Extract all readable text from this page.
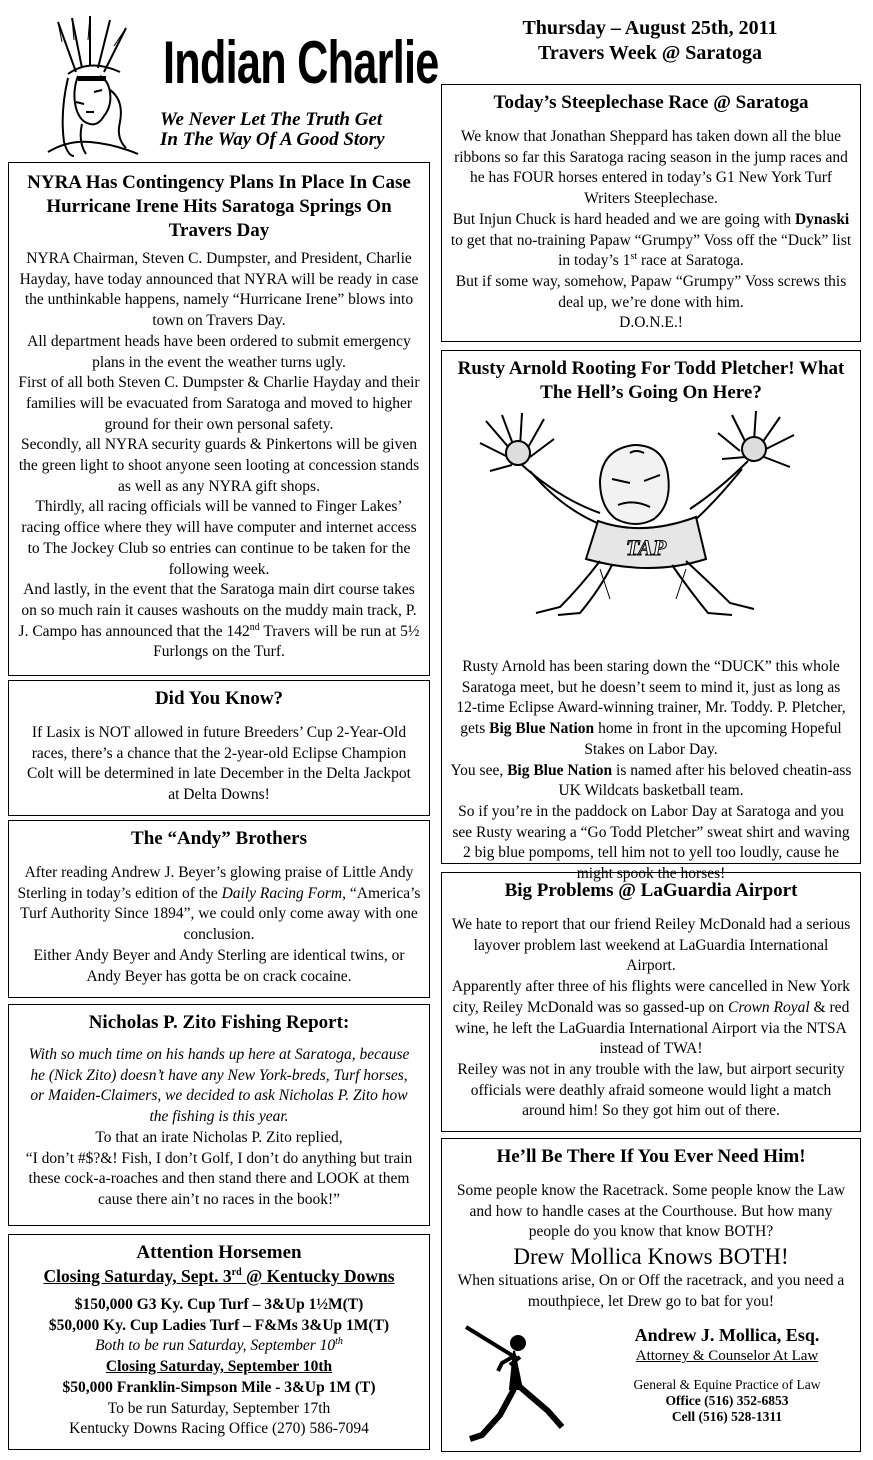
Indian Charlie
We Never Let The Truth Get
In The Way Of A Good Story
Thursday – August 25th, 2011
Travers Week @ Saratoga
NYRA Has Contingency Plans In Place In Case Hurricane Irene Hits Saratoga Springs On Travers Day

NYRA Chairman, Steven C. Dumpster, and President, Charlie Hayday, have today announced that NYRA will be ready in case the unthinkable happens, namely “Hurricane Irene” blows into town on Travers Day.

All department heads have been ordered to submit emergency plans in the event the weather turns ugly.

First of all both Steven C. Dumpster & Charlie Hayday and their families will be evacuated from Saratoga and moved to higher ground for their own personal safety.

Secondly, all NYRA security guards & Pinkertons will be given the green light to shoot anyone seen looting at concession stands as well as any NYRA gift shops.

Thirdly, all racing officials will be vanned to Finger Lakes’ racing office where they will have computer and internet access to The Jockey Club so entries can continue to be taken for the following week.

And lastly, in the event that the Saratoga main dirt course takes on so much rain it causes washouts on the muddy main track, P. J. Campo has announced that the 142nd Travers will be run at 5½ Furlongs on the Turf.

Did You Know?
If Lasix is NOT allowed in future Breeders’ Cup 2-Year-Old races, there’s a chance that the 2-year-old Eclipse Champion Colt will be determined in late December in the Delta Jackpot at Delta Downs!
The “Andy” Brothers

After reading Andrew J. Beyer’s glowing praise of Little Andy Sterling in today’s edition of the Daily Racing Form, “America’s Turf Authority Since 1894”, we could only come away with one conclusion.

Either Andy Beyer and Andy Sterling are identical twins, or Andy Beyer has gotta be on crack cocaine.

Nicholas P. Zito Fishing Report:

With so much time on his hands up here at Saratoga, because he (Nick Zito) doesn’t have any New York-breds, Turf horses, or Maiden-Claimers, we decided to ask Nicholas P. Zito how the fishing is this year.

To that an irate Nicholas P. Zito replied,

“I don’t #$?&! Fish, I don’t Golf, I don’t do anything but train these cock-a-roaches and then stand there and LOOK at them cause there ain’t no races in the book!”

Attention Horsemen
Closing Saturday, Sept. 3rd @ Kentucky Downs

$150,000 G3 Ky. Cup Turf – 3&Up 1½M(T)

$50,000 Ky. Cup Ladies Turf – F&Ms 3&Up 1M(T)

Both to be run Saturday, September 10th

Closing Saturday, September 10th

$50,000 Franklin-Simpson Mile - 3&Up 1M (T)

To be run Saturday, September 17th

Kentucky Downs Racing Office (270) 586-7094

Today’s Steeplechase Race @ Saratoga

We know that Jonathan Sheppard has taken down all the blue ribbons so far this Saratoga racing season in the jump races and he has FOUR horses entered in today’s G1 New York Turf Writers Steeplechase.

But Injun Chuck is hard headed and we are going with Dynaski to get that no-training Papaw “Grumpy” Voss off the “Duck” list in today’s 1st race at Saratoga.

But if some way, somehow, Papaw “Grumpy” Voss screws this deal up, we’re done with him.

D.O.N.E.!

Rusty Arnold Rooting For Todd Pletcher! What The Hell’s Going On Here?
TAP

Rusty Arnold has been staring down the “DUCK” this whole Saratoga meet, but he doesn’t seem to mind it, just as long as 12-time Eclipse Award-winning trainer, Mr. Toddy. P. Pletcher, gets Big Blue Nation home in front in the upcoming Hopeful Stakes on Labor Day.

You see, Big Blue Nation is named after his beloved cheatin-ass UK Wildcats basketball team.

So if you’re in the paddock on Labor Day at Saratoga and you see Rusty wearing a “Go Todd Pletcher” sweat shirt and waving 2 big blue pompoms, tell him not to yell too loudly, cause he might spook the horses!

Big Problems @ LaGuardia Airport

We hate to report that our friend Reiley McDonald had a serious layover problem last weekend at LaGuardia International Airport.

Apparently after three of his flights were cancelled in New York city, Reiley McDonald was so gassed-up on Crown Royal & red wine, he left the LaGuardia International Airport via the NTSA instead of TWA!

Reiley was not in any trouble with the law, but airport security officials were deathly afraid someone would light a match around him! So they got him out of there.

He’ll Be There If You Ever Need Him!

Some people know the Racetrack. Some people know the Law and how to handle cases at the Courthouse. But how many people do you know that know BOTH?

Drew Mollica Knows BOTH!

When situations arise, On or Off the racetrack, and you need a mouthpiece, let Drew go to bat for you!

Andrew J. Mollica, Esq.
Attorney & Counselor At Law
General & Equine Practice of Law
Office (516) 352-6853
Cell (516) 528-1311
